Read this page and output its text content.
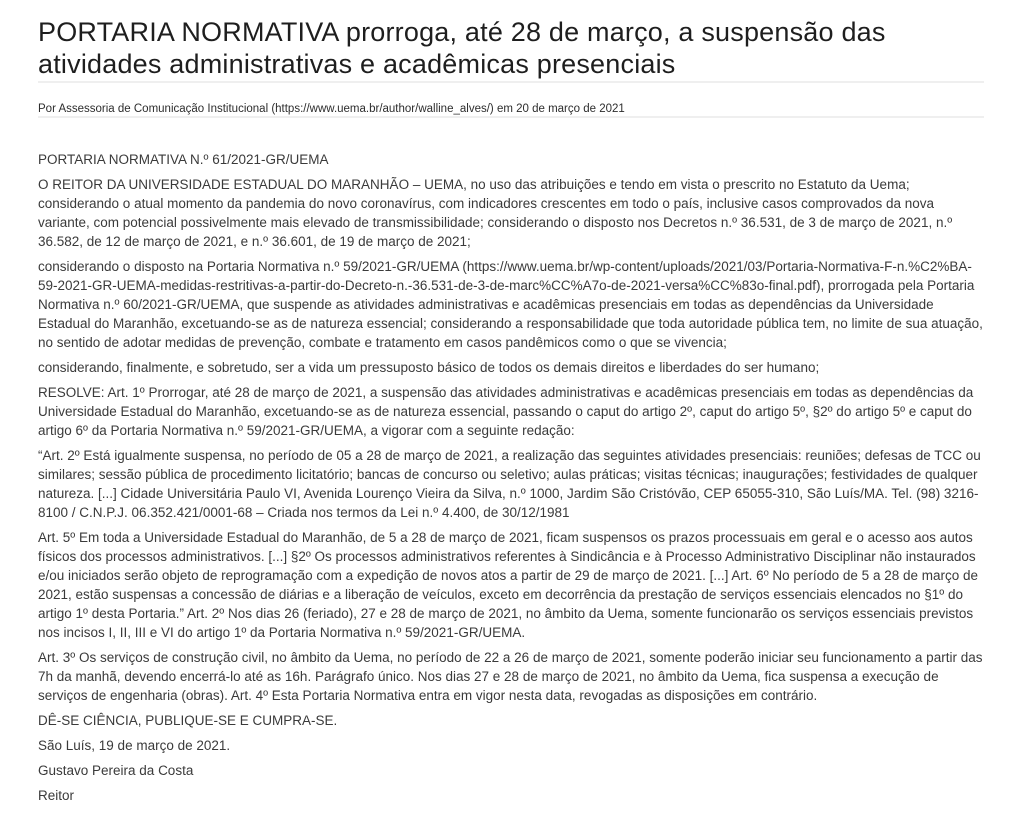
PORTARIA NORMATIVA prorroga, até 28 de março, a suspensão das atividades administrativas e acadêmicas presenciais

Por Assessoria de Comunicação Institucional (https://www.uema.br/author/walline_alves/) em 20 de março de 2021

PORTARIA NORMATIVA N.º 61/2021-GR/UEMA

O REITOR DA UNIVERSIDADE ESTADUAL DO MARANHÃO – UEMA, no uso das atribuições e tendo em vista o prescrito no Estatuto da Uema; considerando o atual momento da pandemia do novo coronavírus, com indicadores crescentes em todo o país, inclusive casos comprovados da nova variante, com potencial possivelmente mais elevado de transmissibilidade; considerando o disposto nos Decretos n.º 36.531, de 3 de março de 2021, n.º 36.582, de 12 de março de 2021, e n.º 36.601, de 19 de março de 2021;

considerando o disposto na Portaria Normativa n.º 59/2021-GR/UEMA (https://www.uema.br/wp-content/uploads/2021/03/Portaria-Normativa-F-n.%C2%BA-59-2021-GR-UEMA-medidas-restritivas-a-partir-do-Decreto-n.-36.531-de-3-de-marc%CC%A7o-de-2021-versa%CC%83o-final.pdf), prorrogada pela Portaria Normativa n.º 60/2021-GR/UEMA, que suspende as atividades administrativas e acadêmicas presenciais em todas as dependências da Universidade Estadual do Maranhão, excetuando-se as de natureza essencial; considerando a responsabilidade que toda autoridade pública tem, no limite de sua atuação, no sentido de adotar medidas de prevenção, combate e tratamento em casos pandêmicos como o que se vivencia;

considerando, finalmente, e sobretudo, ser a vida um pressuposto básico de todos os demais direitos e liberdades do ser humano;

RESOLVE: Art. 1º Prorrogar, até 28 de março de 2021, a suspensão das atividades administrativas e acadêmicas presenciais em todas as dependências da Universidade Estadual do Maranhão, excetuando-se as de natureza essencial, passando o caput do artigo 2º, caput do artigo 5º, §2º do artigo 5º e caput do artigo 6º da Portaria Normativa n.º 59/2021-GR/UEMA, a vigorar com a seguinte redação:

“Art. 2º Está igualmente suspensa, no período de 05 a 28 de março de 2021, a realização das seguintes atividades presenciais: reuniões; defesas de TCC ou similares; sessão pública de procedimento licitatório; bancas de concurso ou seletivo; aulas práticas; visitas técnicas; inaugurações; festividades de qualquer natureza. [...] Cidade Universitária Paulo VI, Avenida Lourenço Vieira da Silva, n.º 1000, Jardim São Cristóvão, CEP 65055-310, São Luís/MA. Tel. (98) 3216-8100 / C.N.P.J. 06.352.421/0001-68 – Criada nos termos da Lei n.º 4.400, de 30/12/1981

Art. 5º Em toda a Universidade Estadual do Maranhão, de 5 a 28 de março de 2021, ficam suspensos os prazos processuais em geral e o acesso aos autos físicos dos processos administrativos. [...] §2º Os processos administrativos referentes à Sindicância e à Processo Administrativo Disciplinar não instaurados e/ou iniciados serão objeto de reprogramação com a expedição de novos atos a partir de 29 de março de 2021. [...] Art. 6º No período de 5 a 28 de março de 2021, estão suspensas a concessão de diárias e a liberação de veículos, exceto em decorrência da prestação de serviços essenciais elencados no §1º do artigo 1º desta Portaria.” Art. 2º Nos dias 26 (feriado), 27 e 28 de março de 2021, no âmbito da Uema, somente funcionarão os serviços essenciais previstos nos incisos I, II, III e VI do artigo 1º da Portaria Normativa n.º 59/2021-GR/UEMA.

Art. 3º Os serviços de construção civil, no âmbito da Uema, no período de 22 a 26 de março de 2021, somente poderão iniciar seu funcionamento a partir das 7h da manhã, devendo encerrá-lo até as 16h. Parágrafo único. Nos dias 27 e 28 de março de 2021, no âmbito da Uema, fica suspensa a execução de serviços de engenharia (obras). Art. 4º Esta Portaria Normativa entra em vigor nesta data, revogadas as disposições em contrário.

DÊ-SE CIÊNCIA, PUBLIQUE-SE E CUMPRA-SE.

São Luís, 19 de março de 2021.

Gustavo Pereira da Costa

Reitor
